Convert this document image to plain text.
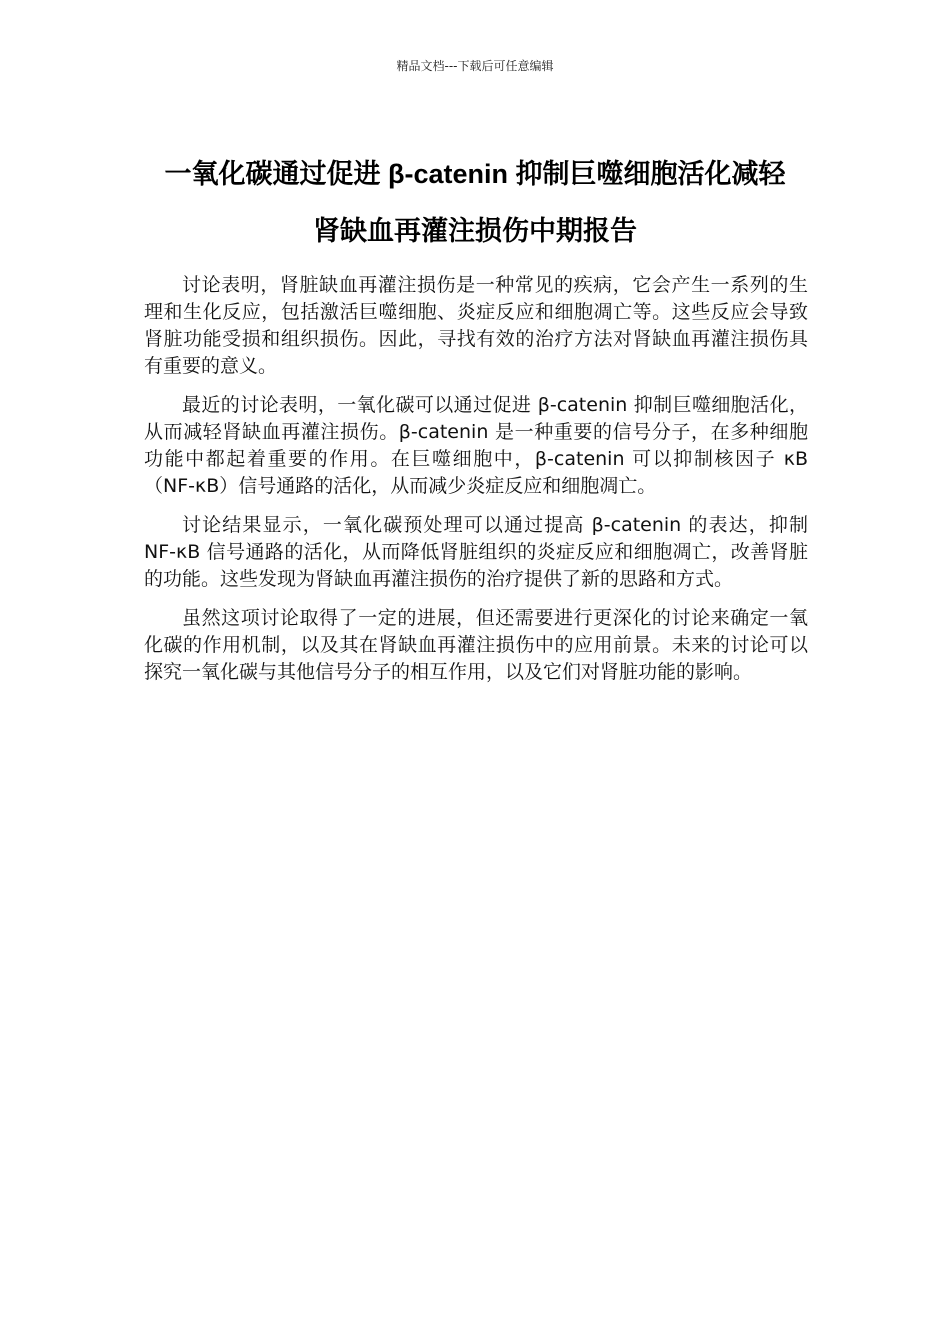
精品文档---下载后可任意编辑
一氧化碳通过促进 β-catenin 抑制巨噬细胞活化减轻
肾缺血再灌注损伤中期报告

讨论表明，肾脏缺血再灌注损伤是一种常见的疾病，它会产生一系列的生理和生化反应，包括激活巨噬细胞、炎症反应和细胞凋亡等。这些反应会导致肾脏功能受损和组织损伤。因此，寻找有效的治疗方法对肾缺血再灌注损伤具有重要的意义。

最近的讨论表明，一氧化碳可以通过促进 β-catenin 抑制巨噬细胞活化，从而减轻肾缺血再灌注损伤。β-catenin 是一种重要的信号分子，在多种细胞功能中都起着重要的作用。在巨噬细胞中，β-catenin 可以抑制核因子 κB（NF-κB）信号通路的活化，从而减少炎症反应和细胞凋亡。

讨论结果显示，一氧化碳预处理可以通过提高 β-catenin 的表达，抑制 NF-κB 信号通路的活化，从而降低肾脏组织的炎症反应和细胞凋亡，改善肾脏的功能。这些发现为肾缺血再灌注损伤的治疗提供了新的思路和方式。

虽然这项讨论取得了一定的进展，但还需要进行更深化的讨论来确定一氧化碳的作用机制，以及其在肾缺血再灌注损伤中的应用前景。未来的讨论可以探究一氧化碳与其他信号分子的相互作用，以及它们对肾脏功能的影响。
